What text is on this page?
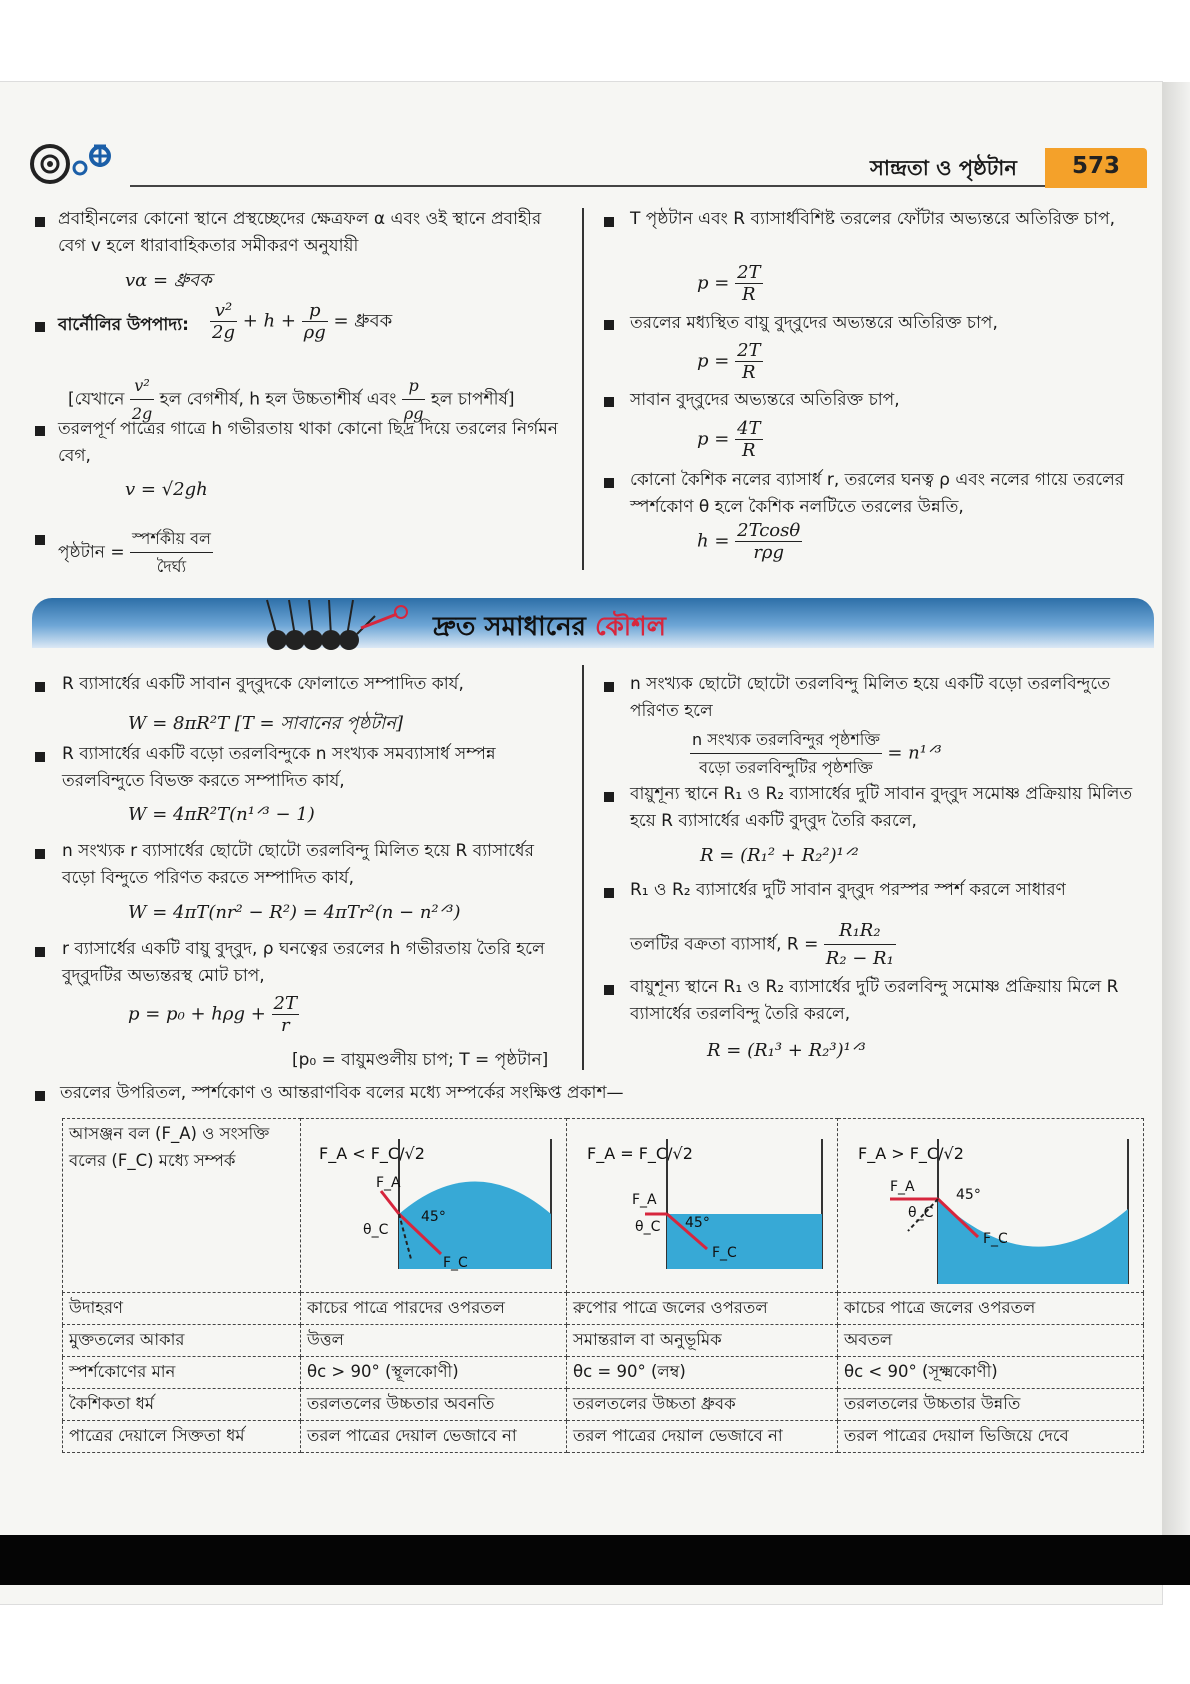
সান্দ্রতা ও পৃষ্ঠটান 573
প্রবাহীনলের কোনো স্থানে প্রস্থচ্ছেদের ক্ষেত্রফল α এবং ওই স্থানে প্রবাহীর বেগ v হলে ধারাবাহিকতার সমীকরণ অনুযায়ী
vα = ধ্রুবক
বার্নৌলির উপপাদ্য: $\frac{\text{v²}}{2g} + h + \frac{p}{\rho g}$ = ধ্রুবক
[যেখানে $\frac{\text{v²}}{2g}$ হল বেগশীর্ষ, h হল উচ্চতাশীর্ষ এবং $\frac{p}{\rho g}$ হল চাপশীর্ষ]
তরলপূর্ণ পাত্রের গাত্রে h গভীরতায় থাকা কোনো ছিদ্র দিয়ে তরলের নির্গমন বেগ,
v = √2gh
পৃষ্ঠটান =
স্পর্শকীয় বল
দৈর্ঘ্য
T পৃষ্ঠটান এবং R ব্যাসার্ধবিশিষ্ট তরলের ফোঁটার অভ্যন্তরে অতিরিক্ত চাপ,
$p = \frac{2T}{R}$
তরলের মধ্যস্থিত বায়ু বুদ্‌বুদের অভ্যন্তরে অতিরিক্ত চাপ,
$p = \frac{2T}{R}$
সাবান বুদ্‌বুদের অভ্যন্তরে অতিরিক্ত চাপ,
$p = \frac{4T}{R}$
কোনো কৈশিক নলের ব্যাসার্ধ r, তরলের ঘনত্ব ρ এবং নলের গায়ে তরলের স্পর্শকোণ θ হলে কৈশিক নলটিতে তরলের উন্নতি,
h = 2Tcosθ
rρg
দ্রুত সমাধানের কৌশল
R ব্যাসার্ধের একটি সাবান বুদ্‌বুদকে ফোলাতে সম্পাদিত কার্য,
W = 8πR²T [T = সাবানের পৃষ্ঠটান]
R ব্যাসার্ধের একটি বড়ো তরলবিন্দুকে n সংখ্যক সমব্যাসার্ধ সম্পন্ন তরলবিন্দুতে বিভক্ত করতে সম্পাদিত কার্য,
W = 4πR²T(n¹ᐟ³ − 1)
n সংখ্যক r ব্যাসার্ধের ছোটো ছোটো তরলবিন্দু মিলিত হয়ে R ব্যাসার্ধের বড়ো বিন্দুতে পরিণত করতে সম্পাদিত কার্য,
W = 4πT(nr² − R²) = 4πTr²(n − n²ᐟ³)
r ব্যাসার্ধের একটি বায়ু বুদ্‌বুদ, ρ ঘনত্বের তরলের h গভীরতায় তৈরি হলে বুদ্‌বুদটির অভ্যন্তরস্থ মোট চাপ,
$p = p_0 + h\rho g + \frac{2T}{r}$
[p₀ = বায়ুমণ্ডলীয় চাপ; T = পৃষ্ঠটান]
n সংখ্যক ছোটো ছোটো তরলবিন্দু মিলিত হয়ে একটি বড়ো তরলবিন্দুতে পরিণত হলে
n সংখ্যক তরলবিন্দুর পৃষ্ঠশক্তি
বড়ো তরলবিন্দুটির পৃষ্ঠশক্তি
= n¹ᐟ³
বায়ুশূন্য স্থানে R₁ ও R₂ ব্যাসার্ধের দুটি সাবান বুদ্‌বুদ সমোষ্ণ প্রক্রিয়ায় মিলিত হয়ে R ব্যাসার্ধের একটি বুদ্‌বুদ তৈরি করলে,
R = (R₁² + R₂²)¹ᐟ²
R₁ ও R₂ ব্যাসার্ধের দুটি সাবান বুদ্‌বুদ পরস্পর স্পর্শ করলে সাধারণ
তলটির বক্রতা ব্যাসার্ধ, $R = \frac{\text{R₁R₂}}{\text{R₂ − R₁}}$
বায়ুশূন্য স্থানে R₁ ও R₂ ব্যাসার্ধের দুটি তরলবিন্দু সমোষ্ণ প্রক্রিয়ায় মিলে R ব্যাসার্ধের তরলবিন্দু তৈরি করলে,
R = (R₁³ + R₂³)¹ᐟ³
তরলের উপরিতল, স্পর্শকোণ ও আন্তরাণবিক বলের মধ্যে সম্পর্কের সংক্ষিপ্ত প্রকাশ—
আসঞ্জন বল (F_A) ও সংসক্তি বলের (F_C) মধ্যে সম্পর্ক	F_A < F_C/√2
F_A
F_C
θ_C
45°	F_A = F_C/√2
F_A
F_C
θ_C 45°	F_A > F_C/√2
F_A
F_C
θ_C
45°

উদাহরণ	কাচের পাত্রে পারদের ওপরতল	রুপোর পাত্রে জলের ওপরতল	কাচের পাত্রে জলের ওপরতল
মুক্ততলের আকার	উত্তল	সমান্তরাল বা অনুভূমিক	অবতল
স্পর্শকোণের মান	θc > 90° (স্থূলকোণী)	θc = 90° (লম্ব)	θc < 90° (সূক্ষ্মকোণী)
কৈশিকতা ধর্ম	তরলতলের উচ্চতার অবনতি	তরলতলের উচ্চতা ধ্রুবক	তরলতলের উচ্চতার উন্নতি
পাত্রের দেয়ালে সিক্ততা ধর্ম	তরল পাত্রের দেয়াল ভেজাবে না	তরল পাত্রের দেয়াল ভেজাবে না	তরল পাত্রের দেয়াল ভিজিয়ে দেবে
